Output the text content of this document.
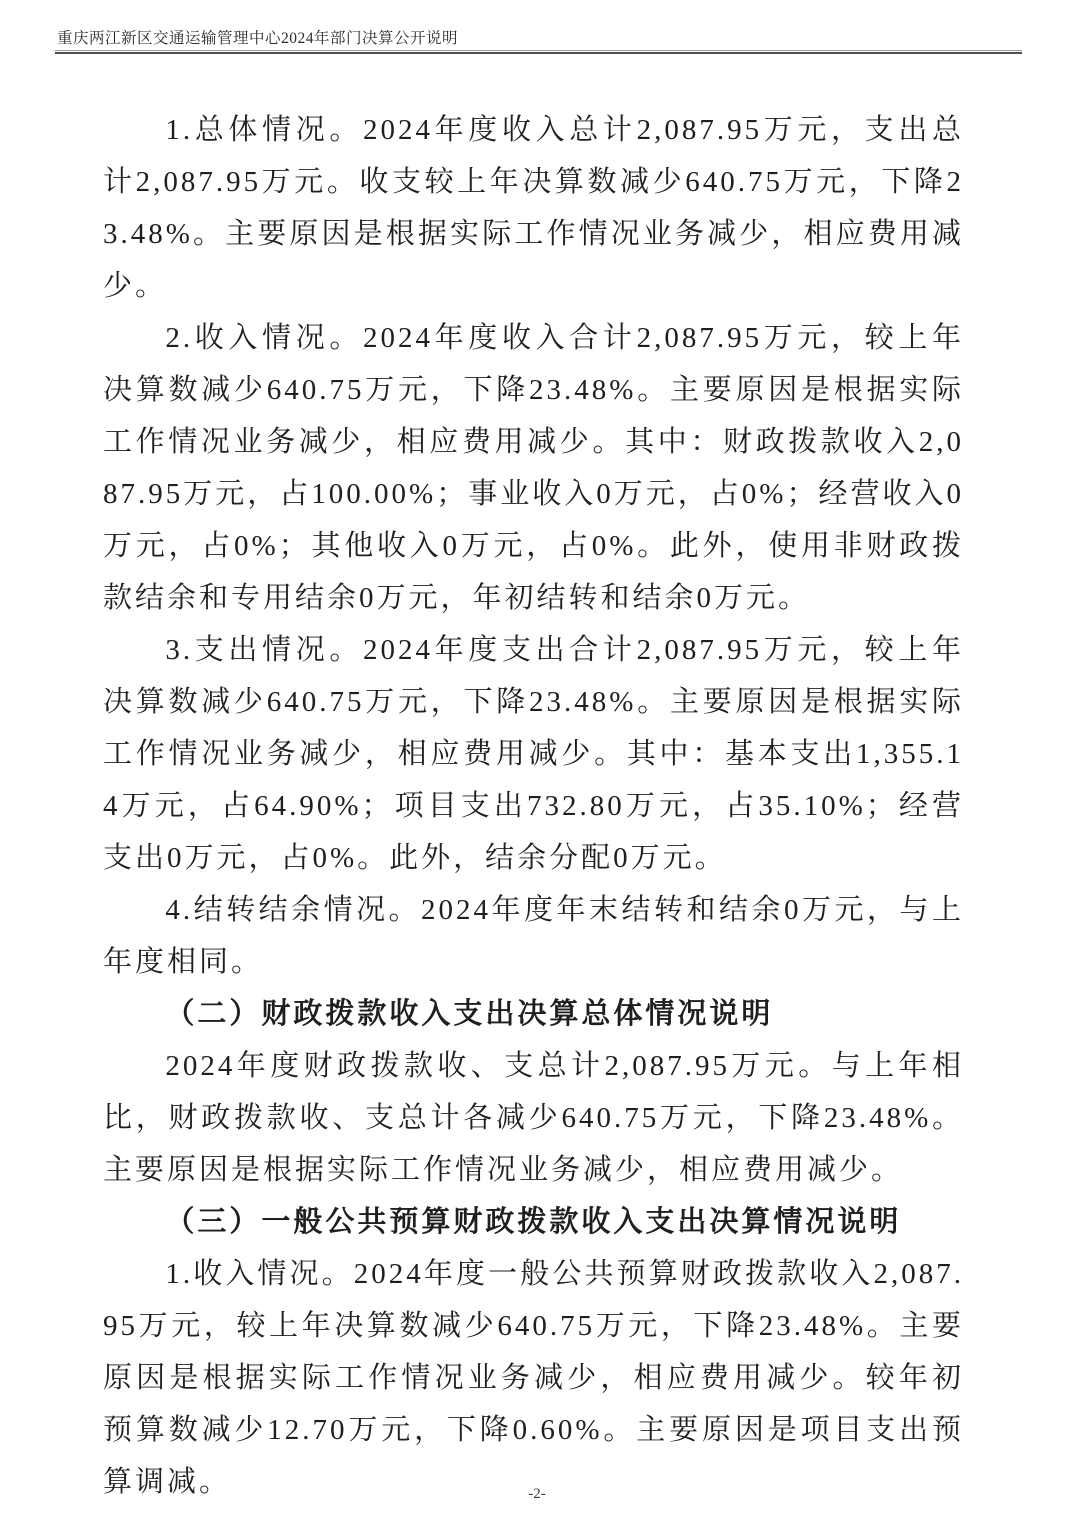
重庆两江新区交通运输管理中心2024年部门决算公开说明

1.总体情况。2024年度收入总计2,087.95万元，支出总计2,087.95万元。收支较上年决算数减少640.75万元，下降23.48%。主要原因是根据实际工作情况业务减少，相应费用减少。

2.收入情况。2024年度收入合计2,087.95万元，较上年决算数减少640.75万元，下降23.48%。主要原因是根据实际工作情况业务减少，相应费用减少。其中：财政拨款收入2,087.95万元，占100.00%；事业收入0万元，占0%；经营收入0万元，占0%；其他收入0万元，占0%。此外，使用非财政拨款结余和专用结余0万元，年初结转和结余0万元。

3.支出情况。2024年度支出合计2,087.95万元，较上年决算数减少640.75万元，下降23.48%。主要原因是根据实际工作情况业务减少，相应费用减少。其中：基本支出1,355.14万元，占64.90%；项目支出732.80万元，占35.10%；经营支出0万元，占0%。此外，结余分配0万元。

4.结转结余情况。2024年度年末结转和结余0万元，与上年度相同。

（二）财政拨款收入支出决算总体情况说明

2024年度财政拨款收、支总计2,087.95万元。与上年相比，财政拨款收、支总计各减少640.75万元，下降23.48%。主要原因是根据实际工作情况业务减少，相应费用减少。

（三）一般公共预算财政拨款收入支出决算情况说明

1.收入情况。2024年度一般公共预算财政拨款收入2,087.95万元，较上年决算数减少640.75万元，下降23.48%。主要原因是根据实际工作情况业务减少，相应费用减少。较年初预算数减少12.70万元，下降0.60%。主要原因是项目支出预算调减。	-2-
